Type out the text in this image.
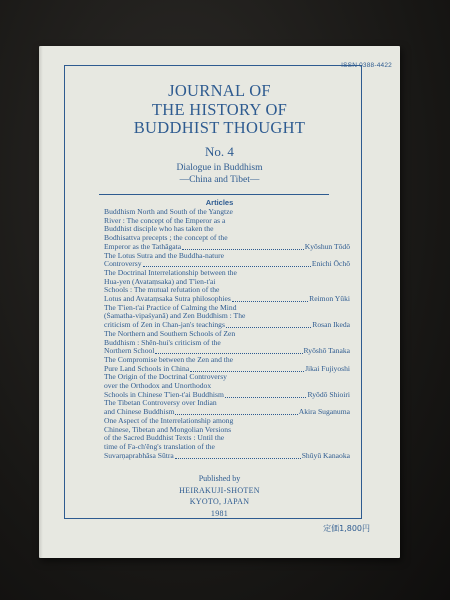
ISSN 0388-4422
JOURNAL OF
THE HISTORY OF
BUDDHIST THOUGHT
No. 4
Dialogue in Buddhism
—China and Tibet—
Articles
Buddhism North and South of the Yangtze
River : The concept of the Emperor as a
Buddhist disciple who has taken the
Bodhisattva precepts ; the concept of the
Emperor as the Tathāgata	Kyōshun Tōdō
The Lotus Sutra and the Buddha-nature
Controversy	Enichi Ōchō
The Doctrinal Interrelationship between the
Hua-yen (Avataṃsaka) and T'ien-t'ai
Schools : The mutual refutation of the
Lotus and Avataṃsaka Sutra philosophies	Reimon Yūki
The T'ien-t'ai Practice of Calming the Mind
(Śamatha-vipaśyanā) and Zen Buddhism : The
criticism of Zen in Chan-jan's teachings	Rosan Ikeda
The Northern and Southern Schools of Zen
Buddhism : Shên-hui's criticism of the
Northern School	Ryōshō Tanaka
The Compromise between the Zen and the
Pure Land Schools in China	Jikai Fujiyoshi
The Origin of the Doctrinal Controversy
over the Orthodox and Unorthodox
Schools in Chinese T'ien-t'ai Buddhism	Ryōdō Shioiri
The Tibetan Controversy over Indian
and Chinese Buddhism	Akira Suganuma
One Aspect of the Interrelationship among
Chinese, Tibetan and Mongolian Versions
of the Sacred Buddhist Texts : Until the
time of Fa-ch'êng's translation of the
Suvarṇaprabhāsa Sūtra	Shūyū Kanaoka
Published by
HEIRAKUJI-SHOTEN
KYOTO, JAPAN
1981
定価1,800円
